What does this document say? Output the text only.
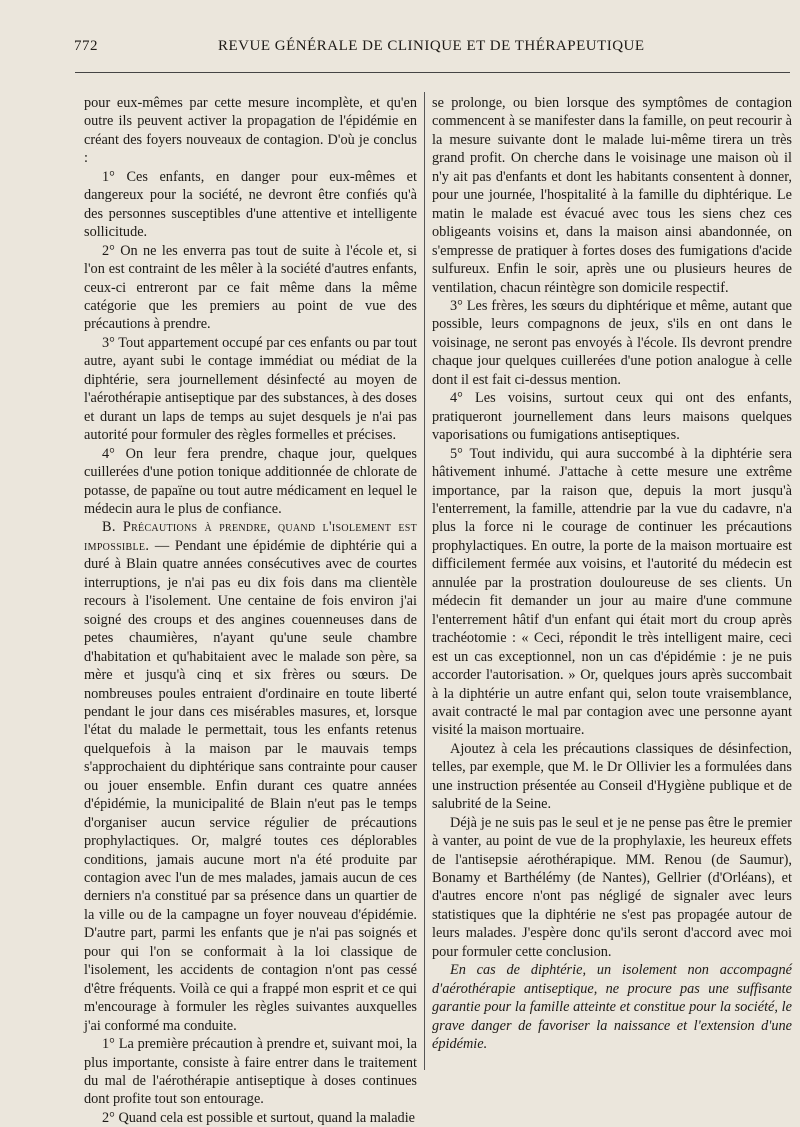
772	REVUE GÉNÉRALE DE CLINIQUE ET DE THÉRAPEUTIQUE

pour eux-mêmes par cette mesure incomplète, et qu'en outre ils peuvent activer la propagation de l'épidémie en créant des foyers nouveaux de contagion. D'où je conclus :

1° Ces enfants, en danger pour eux-mêmes et dangereux pour la société, ne devront être confiés qu'à des personnes susceptibles d'une attentive et intelligente sollicitude.

2° On ne les enverra pas tout de suite à l'école et, si l'on est contraint de les mêler à la société d'autres enfants, ceux-ci entreront par ce fait même dans la même catégorie que les premiers au point de vue des précautions à prendre.

3° Tout appartement occupé par ces enfants ou par tout autre, ayant subi le contage immédiat ou médiat de la diphtérie, sera journellement désinfecté au moyen de l'aérothérapie antiseptique par des substances, à des doses et durant un laps de temps au sujet desquels je n'ai pas autorité pour formuler des règles formelles et précises.

4° On leur fera prendre, chaque jour, quelques cuillerées d'une potion tonique additionnée de chlorate de potasse, de papaïne ou tout autre médicament en lequel le médecin aura le plus de confiance.

B. Précautions à prendre, quand l'isolement est impossible. — Pendant une épidémie de diphtérie qui a duré à Blain quatre années consécutives avec de courtes interruptions, je n'ai pas eu dix fois dans ma clientèle recours à l'isolement. Une centaine de fois environ j'ai soigné des croups et des angines couenneuses dans de petes chaumières, n'ayant qu'une seule chambre d'habitation et qu'habitaient avec le malade son père, sa mère et jusqu'à cinq et six frères ou sœurs. De nombreuses poules entraient d'ordinaire en toute liberté pendant le jour dans ces misérables masures, et, lorsque l'état du malade le permettait, tous les enfants retenus quelquefois à la maison par le mauvais temps s'approchaient du diphtérique sans contrainte pour causer ou jouer ensemble. Enfin durant ces quatre années d'épidémie, la municipalité de Blain n'eut pas le temps d'organiser aucun service régulier de précautions prophylactiques. Or, malgré toutes ces déplorables conditions, jamais aucune mort n'a été produite par contagion avec l'un de mes malades, jamais aucun de ces derniers n'a constitué par sa présence dans un quartier de la ville ou de la campagne un foyer nouveau d'épidémie. D'autre part, parmi les enfants que je n'ai pas soignés et pour qui l'on se conformait à la loi classique de l'isolement, les accidents de contagion n'ont pas cessé d'être fréquents. Voilà ce qui a frappé mon esprit et ce qui m'encourage à formuler les règles suivantes auxquelles j'ai conformé ma conduite.

1° La première précaution à prendre et, suivant moi, la plus importante, consiste à faire entrer dans le traitement du mal de l'aérothérapie antiseptique à doses continues dont profite tout son entourage.

2° Quand cela est possible et surtout, quand la maladie

se prolonge, ou bien lorsque des symptômes de contagion commencent à se manifester dans la famille, on peut recourir à la mesure suivante dont le malade lui-même tirera un très grand profit. On cherche dans le voisinage une maison où il n'y ait pas d'enfants et dont les habitants consentent à donner, pour une journée, l'hospitalité à la famille du diphtérique. Le matin le malade est évacué avec tous les siens chez ces obligeants voisins et, dans la maison ainsi abandonnée, on s'empresse de pratiquer à fortes doses des fumigations d'acide sulfureux. Enfin le soir, après une ou plusieurs heures de ventilation, chacun réintègre son domicile respectif.

3° Les frères, les sœurs du diphtérique et même, autant que possible, leurs compagnons de jeux, s'ils en ont dans le voisinage, ne seront pas envoyés à l'école. Ils devront prendre chaque jour quelques cuillerées d'une potion analogue à celle dont il est fait ci-dessus mention.

4° Les voisins, surtout ceux qui ont des enfants, pratiqueront journellement dans leurs maisons quelques vaporisations ou fumigations antiseptiques.

5° Tout individu, qui aura succombé à la diphtérie sera hâtivement inhumé. J'attache à cette mesure une extrême importance, par la raison que, depuis la mort jusqu'à l'enterrement, la famille, attendrie par la vue du cadavre, n'a plus la force ni le courage de continuer les précautions prophylactiques. En outre, la porte de la maison mortuaire est difficilement fermée aux voisins, et l'autorité du médecin est annulée par la prostration douloureuse de ses clients. Un médecin fit demander un jour au maire d'une commune l'enterrement hâtif d'un enfant qui était mort du croup après trachéotomie : « Ceci, répondit le très intelligent maire, ceci est un cas exceptionnel, non un cas d'épidémie : je ne puis accorder l'autorisation. » Or, quelques jours après succombait à la diphtérie un autre enfant qui, selon toute vraisemblance, avait contracté le mal par contagion avec une personne ayant visité la maison mortuaire.

Ajoutez à cela les précautions classiques de désinfection, telles, par exemple, que M. le Dr Ollivier les a formulées dans une instruction présentée au Conseil d'Hygiène publique et de salubrité de la Seine.

Déjà je ne suis pas le seul et je ne pense pas être le premier à vanter, au point de vue de la prophylaxie, les heureux effets de l'antisepsie aérothérapique. MM. Renou (de Saumur), Bonamy et Barthélémy (de Nantes), Gellrier (d'Orléans), et d'autres encore n'ont pas négligé de signaler avec leurs statistiques que la diphtérie ne s'est pas propagée autour de leurs malades. J'espère donc qu'ils seront d'accord avec moi pour formuler cette conclusion.

En cas de diphtérie, un isolement non accompagné d'aérothérapie antiseptique, ne procure pas une suffisante garantie pour la famille atteinte et constitue pour la société, le grave danger de favoriser la naissance et l'extension d'une épidémie.
